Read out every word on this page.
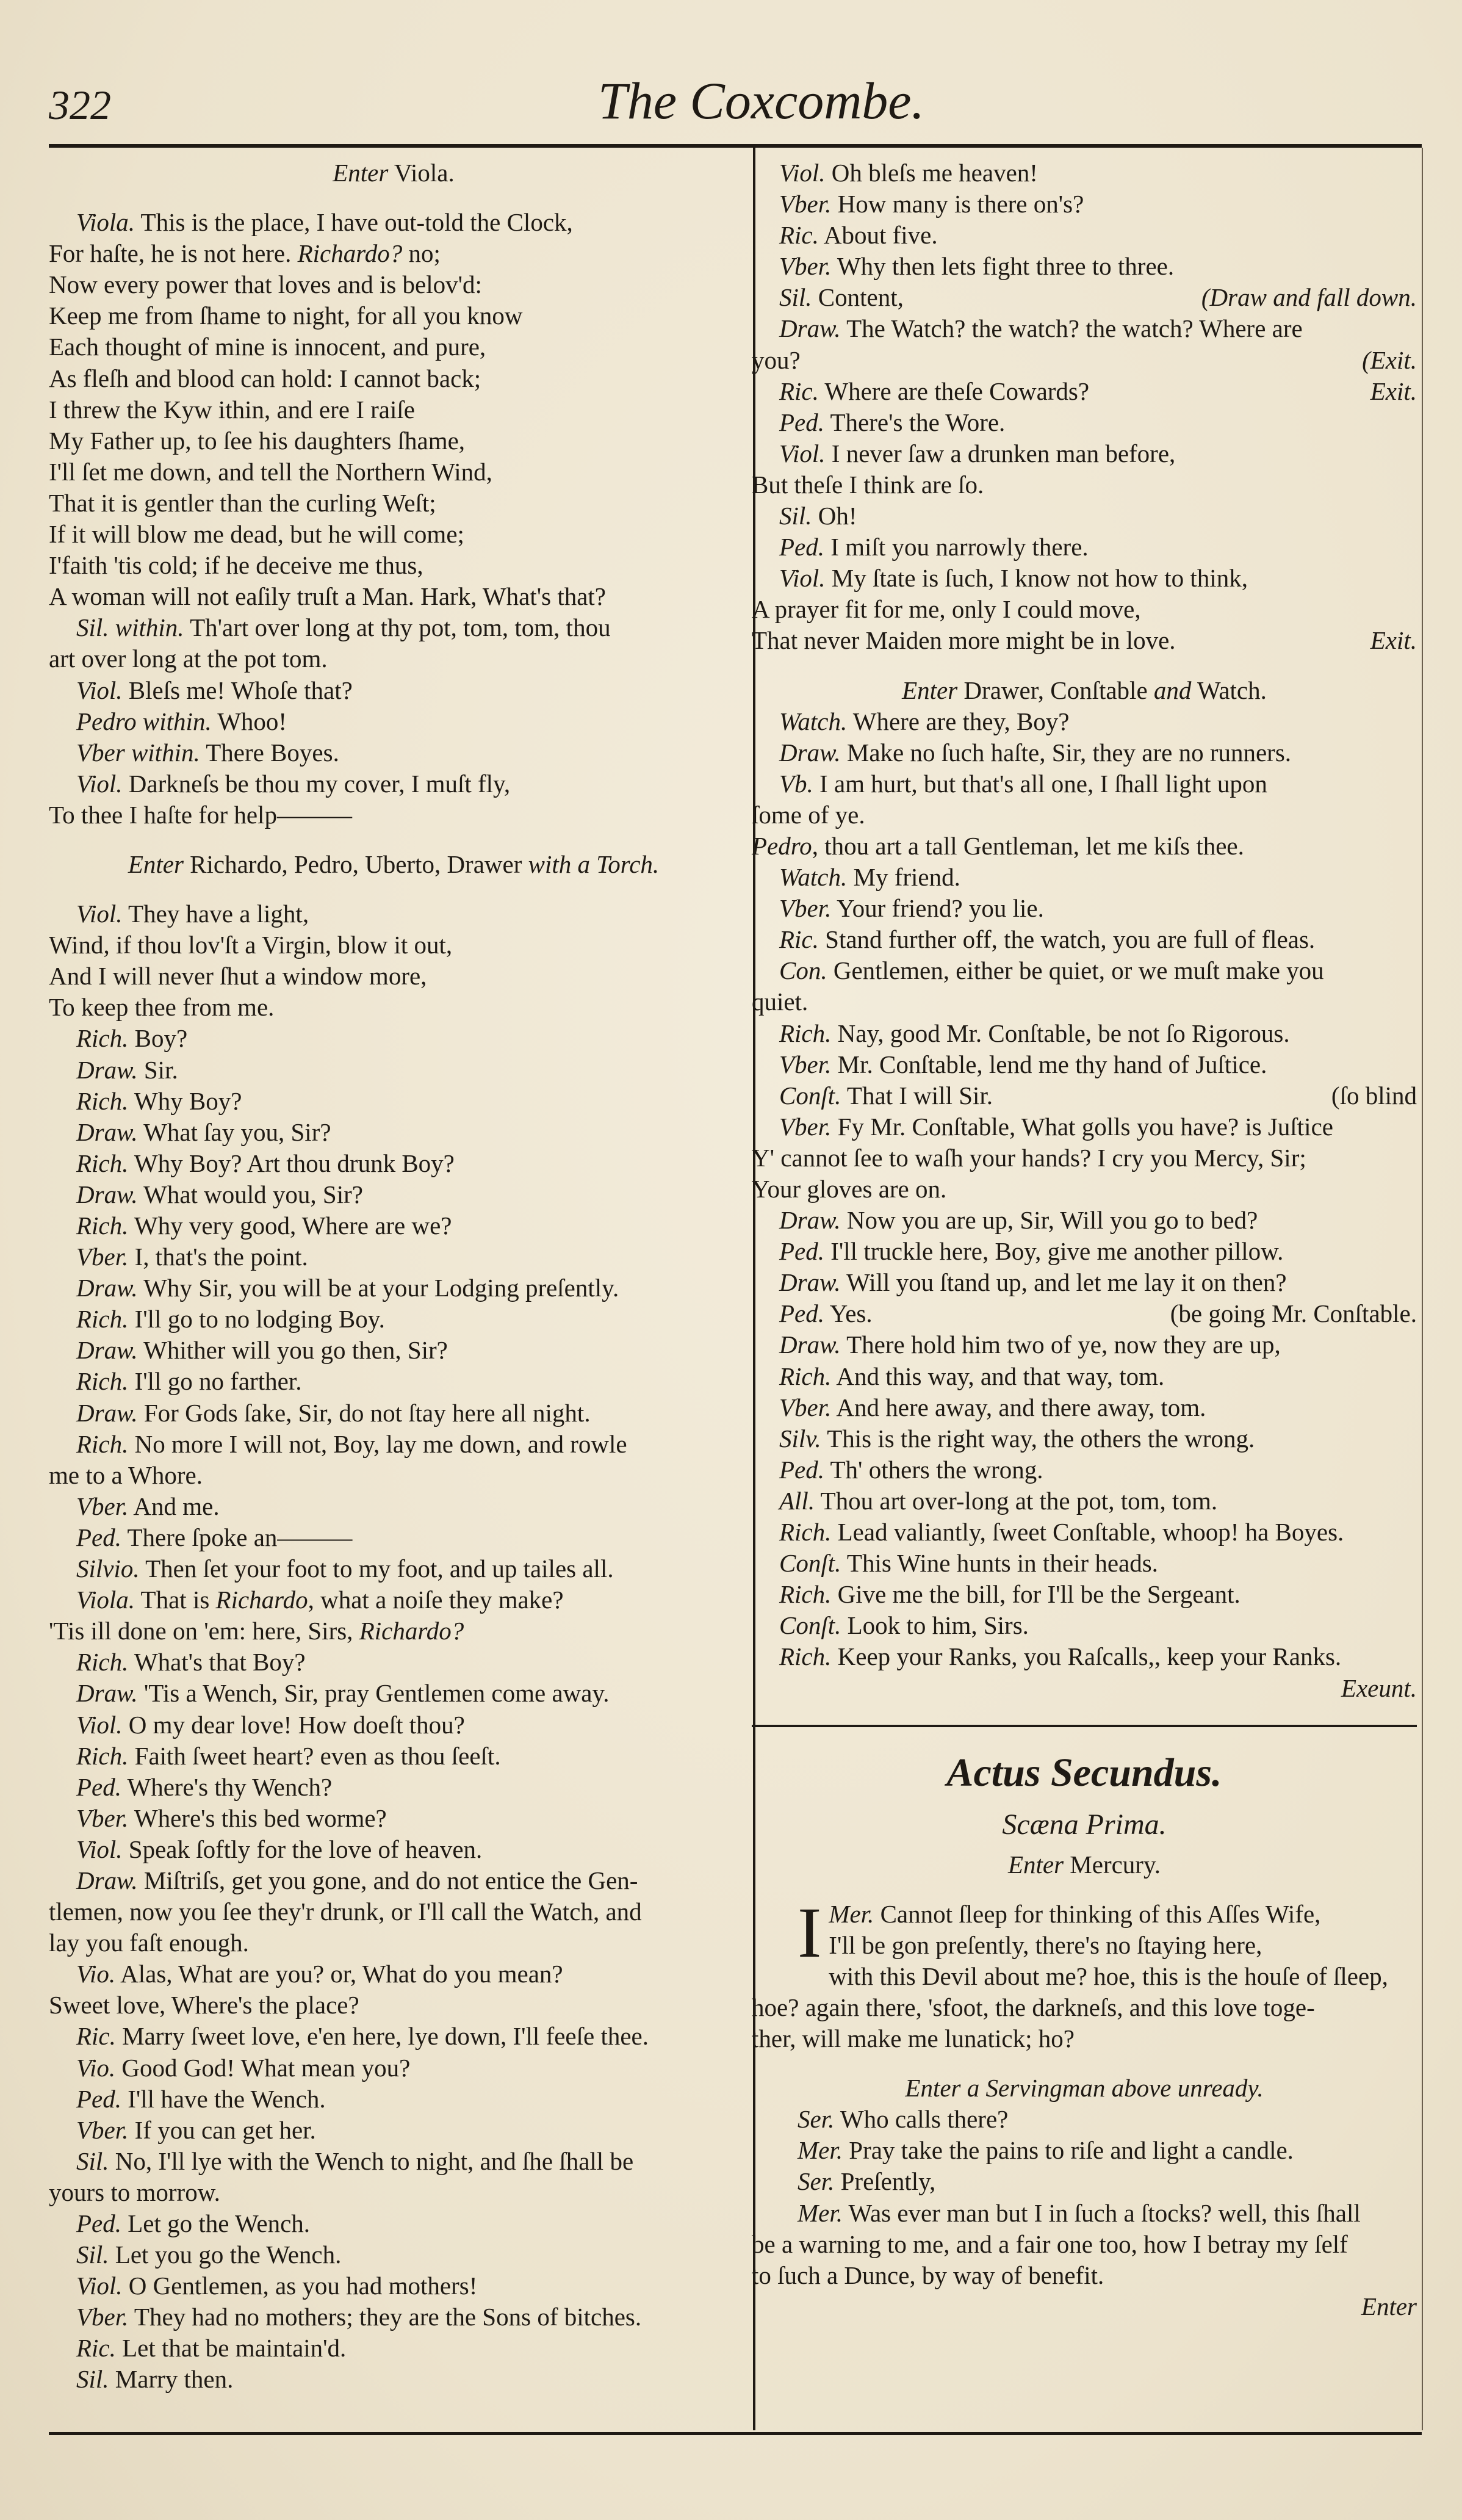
322	The Coxcombe.
Enter Viola.
Viola. This is the place, I have out-told the Clock,
For haſte, he is not here. Richardo? no;
Now every power that loves and is belov'd:
Keep me from ſhame to night, for all you know
Each thought of mine is innocent, and pure,
As fleſh and blood can hold: I cannot back;
I threw the Kyw ithin, and ere I raiſe
My Father up, to ſee his daughters ſhame,
I'll ſet me down, and tell the Northern Wind,
That it is gentler than the curling Weſt;
If it will blow me dead, but he will come;
I'faith 'tis cold; if he deceive me thus,
A woman will not eaſily truſt a Man. Hark, What's that?
Sil. within. Th'art over long at thy pot, tom, tom, thou
art over long at the pot tom.
Viol. Bleſs me! Whoſe that?
Pedro within. Whoo!
Vber within. There Boyes.
Viol. Darkneſs be thou my cover, I muſt fly,
To thee I haſte for help———
Enter Richardo, Pedro, Uberto, Drawer with a Torch.
Viol. They have a light,
Wind, if thou lov'ſt a Virgin, blow it out,
And I will never ſhut a window more,
To keep thee from me.
Rich. Boy?
Draw. Sir.
Rich. Why Boy?
Draw. What ſay you, Sir?
Rich. Why Boy? Art thou drunk Boy?
Draw. What would you, Sir?
Rich. Why very good, Where are we?
Vber. I, that's the point.
Draw. Why Sir, you will be at your Lodging preſently.
Rich. I'll go to no lodging Boy.
Draw. Whither will you go then, Sir?
Rich. I'll go no farther.
Draw. For Gods ſake, Sir, do not ſtay here all night.
Rich. No more I will not, Boy, lay me down, and rowle
me to a Whore.
Vber. And me.
Ped. There ſpoke an———
Silvio. Then ſet your foot to my foot, and up tailes all.
Viola. That is Richardo, what a noiſe they make?
'Tis ill done on 'em: here, Sirs, Richardo?
Rich. What's that Boy?
Draw. 'Tis a Wench, Sir, pray Gentlemen come away.
Viol. O my dear love! How doeſt thou?
Rich. Faith ſweet heart? even as thou ſeeſt.
Ped. Where's thy Wench?
Vber. Where's this bed worme?
Viol. Speak ſoftly for the love of heaven.
Draw. Miſtriſs, get you gone, and do not entice the Gen-
tlemen, now you ſee they'r drunk, or I'll call the Watch, and
lay you faſt enough.
Vio. Alas, What are you? or, What do you mean?
Sweet love, Where's the place?
Ric. Marry ſweet love, e'en here, lye down, I'll feeſe thee.
Vio. Good God! What mean you?
Ped. I'll have the Wench.
Vber. If you can get her.
Sil. No, I'll lye with the Wench to night, and ſhe ſhall be
yours to morrow.
Ped. Let go the Wench.
Sil. Let you go the Wench.
Viol. O Gentlemen, as you had mothers!
Vber. They had no mothers; they are the Sons of bitches.
Ric. Let that be maintain'd.
Sil. Marry then.
Viol. Oh bleſs me heaven!
Vber. How many is there on's?
Ric. About five.
Vber. Why then lets fight three to three.
Sil. Content,	(Draw and fall down.
Draw. The Watch? the watch? the watch? Where are
you?	(Exit.
Ric. Where are theſe Cowards?	Exit.
Ped. There's the Wore.
Viol. I never ſaw a drunken man before,
But theſe I think are ſo.
Sil. Oh!
Ped. I miſt you narrowly there.
Viol. My ſtate is ſuch, I know not how to think,
A prayer fit for me, only I could move,
That never Maiden more might be in love.	Exit.
Enter Drawer, Conſtable and Watch.
Watch. Where are they, Boy?
Draw. Make no ſuch haſte, Sir, they are no runners.
Vb. I am hurt, but that's all one, I ſhall light upon
ſome of ye.
Pedro, thou art a tall Gentleman, let me kiſs thee.
Watch. My friend.
Vber. Your friend? you lie.
Ric. Stand further off, the watch, you are full of fleas.
Con. Gentlemen, either be quiet, or we muſt make you
quiet.
Rich. Nay, good Mr. Conſtable, be not ſo Rigorous.
Vber. Mr. Conſtable, lend me thy hand of Juſtice.
Conſt. That I will Sir.	(ſo blind
Vber. Fy Mr. Conſtable, What golls you have? is Juſtice
Y' cannot ſee to waſh your hands? I cry you Mercy, Sir;
Your gloves are on.
Draw. Now you are up, Sir, Will you go to bed?
Ped. I'll truckle here, Boy, give me another pillow.
Draw. Will you ſtand up, and let me lay it on then?
Ped. Yes.	(be going Mr. Conſtable.
Draw. There hold him two of ye, now they are up,
Rich. And this way, and that way, tom.
Vber. And here away, and there away, tom.
Silv. This is the right way, the others the wrong.
Ped. Th' others the wrong.
All. Thou art over-long at the pot, tom, tom.
Rich. Lead valiantly, ſweet Conſtable, whoop! ha Boyes.
Conſt. This Wine hunts in their heads.
Rich. Give me the bill, for I'll be the Sergeant.
Conſt. Look to him, Sirs.
Rich. Keep your Ranks, you Raſcalls,, keep your Ranks.
Exeunt.
Actus Secundus.
Scæna Prima.
Enter Mercury.
Mer.
I Cannot ſleep for thinking of this Aſſes Wife,
I'll be gon preſently, there's no ſtaying here,
with this Devil about me? hoe, this is the houſe of ſleep,
hoe? again there, 'sfoot, the darkneſs, and this love toge-
ther, will make me lunatick; ho?
Enter a Servingman above unready.
Ser. Who calls there?
Mer. Pray take the pains to riſe and light a candle.
Ser. Preſently,
Mer. Was ever man but I in ſuch a ſtocks? well, this ſhall
be a warning to me, and a fair one too, how I betray my ſelf
to ſuch a Dunce, by way of benefit.
Enter
